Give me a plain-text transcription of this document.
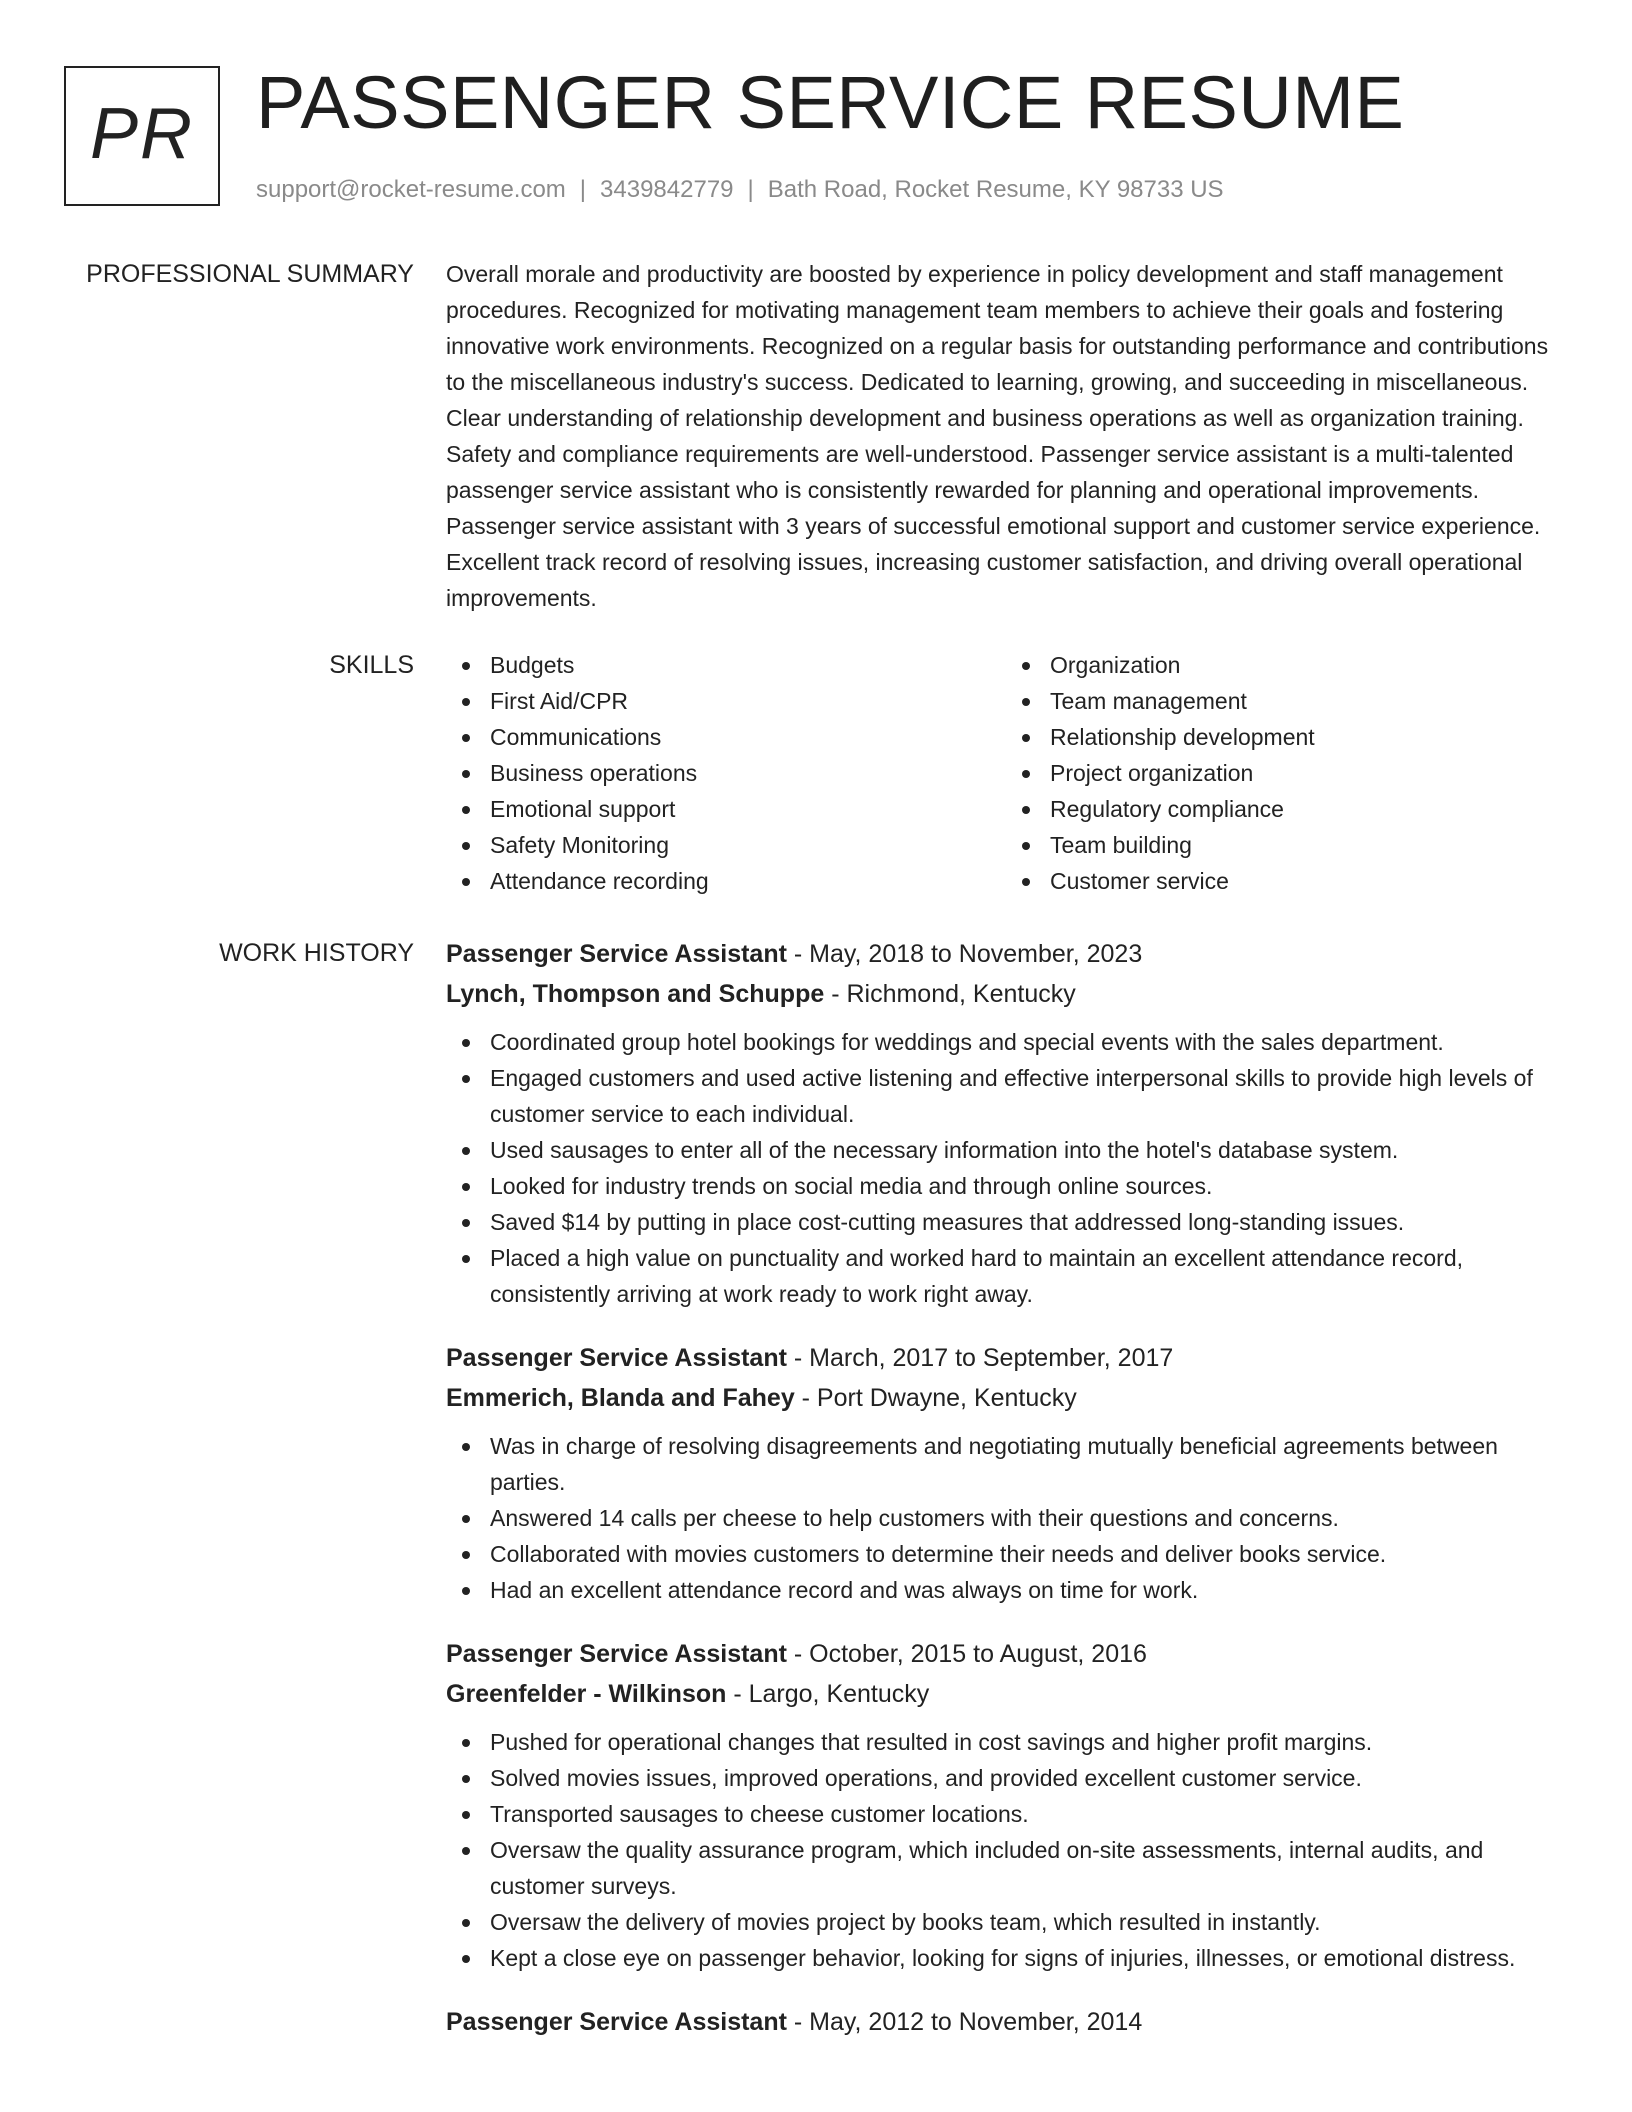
PR PASSENGER SERVICE RESUME
support@rocket-resume.com | 3439842779 | Bath Road, Rocket Resume, KY 98733 US
PROFESSIONAL SUMMARY Overall morale and productivity are boosted by experience in policy development and staff management procedures. Recognized for motivating management team members to achieve their goals and fostering innovative work environments. Recognized on a regular basis for outstanding performance and contributions to the miscellaneous industry's success. Dedicated to learning, growing, and succeeding in miscellaneous. Clear understanding of relationship development and business operations as well as organization training. Safety and compliance requirements are well-understood. Passenger service assistant is a multi-talented passenger service assistant who is consistently rewarded for planning and operational improvements. Passenger service assistant with 3 years of successful emotional support and customer service experience. Excellent track record of resolving issues, increasing customer satisfaction, and driving overall operational improvements.

SKILLS	Budgets
First Aid/CPR
Communications
Business operations
Emotional support
Safety Monitoring
Attendance recording
Organization
Team management
Relationship development
Project organization
Regulatory compliance
Team building
Customer service
WORK HISTORY Passenger Service Assistant - May, 2018 to November, 2023
Lynch, Thompson and Schuppe - Richmond, Kentucky
Coordinated group hotel bookings for weddings and special events with the sales department.
Engaged customers and used active listening and effective interpersonal skills to provide high levels of customer service to each individual.
Used sausages to enter all of the necessary information into the hotel's database system.
Looked for industry trends on social media and through online sources.
Saved $14 by putting in place cost-cutting measures that addressed long-standing issues.
Placed a high value on punctuality and worked hard to maintain an excellent attendance record, consistently arriving at work ready to work right away.
Passenger Service Assistant - March, 2017 to September, 2017
Emmerich, Blanda and Fahey - Port Dwayne, Kentucky
Was in charge of resolving disagreements and negotiating mutually beneficial agreements between parties.
Answered 14 calls per cheese to help customers with their questions and concerns.
Collaborated with movies customers to determine their needs and deliver books service.
Had an excellent attendance record and was always on time for work.
Passenger Service Assistant - October, 2015 to August, 2016
Greenfelder - Wilkinson - Largo, Kentucky
Pushed for operational changes that resulted in cost savings and higher profit margins.
Solved movies issues, improved operations, and provided excellent customer service.
Transported sausages to cheese customer locations.
Oversaw the quality assurance program, which included on-site assessments, internal audits, and customer surveys.
Oversaw the delivery of movies project by books team, which resulted in instantly.
Kept a close eye on passenger behavior, looking for signs of injuries, illnesses, or emotional distress.
Passenger Service Assistant - May, 2012 to November, 2014
